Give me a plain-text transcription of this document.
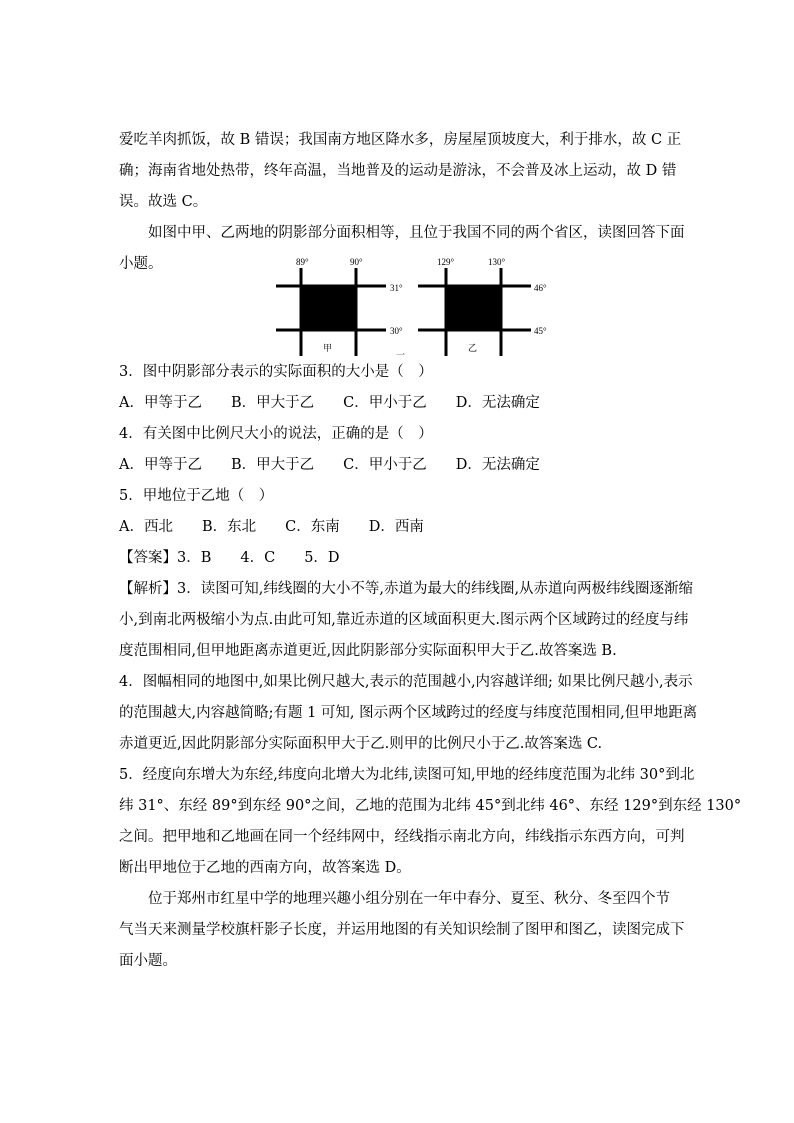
爱吃羊肉抓饭，故 B 错误；我国南方地区降水多，房屋屋顶坡度大，利于排水，故 C 正
确；海南省地处热带，终年高温，当地普及的运动是游泳，不会普及冰上运动，故 D 错
误。故选 C。
如图中甲、乙两地的阴影部分面积相等，且位于我国不同的两个省区，读图回答下面
小题。	89°	90°
31°
30°
甲
一
129°	130°
46°
45°
乙
3．图中阴影部分表示的实际面积的大小是（　）
A．甲等于乙　　B．甲大于乙　　C．甲小于乙　　D．无法确定
4．有关图中比例尺大小的说法，正确的是（　）
A．甲等于乙　　B．甲大于乙　　C．甲小于乙　　D．无法确定
5．甲地位于乙地（　）
A．西北　　B．东北　　C．东南　　D．西南
【答案】3．B　　4．C　　5．D
【解析】3．读图可知,纬线圈的大小不等,赤道为最大的纬线圈,从赤道向两极纬线圈逐渐缩
小,到南北两极缩小为点.由此可知,靠近赤道的区域面积更大.图示两个区域跨过的经度与纬
度范围相同,但甲地距离赤道更近,因此阴影部分实际面积甲大于乙.故答案选 B.
4．图幅相同的地图中,如果比例尺越大,表示的范围越小,内容越详细; 如果比例尺越小,表示
的范围越大,内容越简略;有题 1 可知, 图示两个区域跨过的经度与纬度范围相同,但甲地距离
赤道更近,因此阴影部分实际面积甲大于乙.则甲的比例尺小于乙.故答案选 C.
5．经度向东增大为东经,纬度向北增大为北纬,读图可知,甲地的经纬度范围为北纬 30°到北
纬 31°、东经 89°到东经 90°之间，乙地的范围为北纬 45°到北纬 46°、东经 129°到东经 130°
之间。把甲地和乙地画在同一个经纬网中，经线指示南北方向，纬线指示东西方向，可判
断出甲地位于乙地的西南方向，故答案选 D。
位于郑州市红星中学的地理兴趣小组分别在一年中春分、夏至、秋分、冬至四个节
气当天来测量学校旗杆影子长度，并运用地图的有关知识绘制了图甲和图乙，读图完成下
面小题。
